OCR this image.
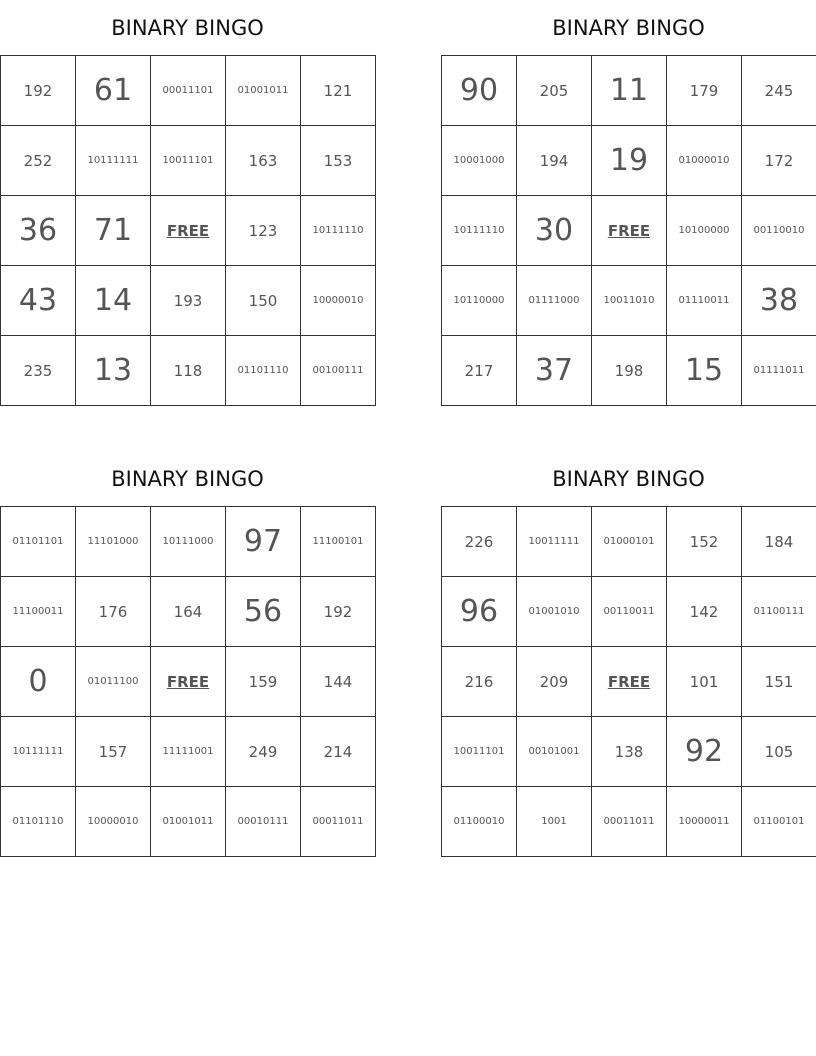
BINARY BINGO
192	61	00011101	01001011	121
252	10111111	10011101	163	153
36	71	FREE	123	10111110
43	14	193	150	10000010
235	13	118	01101110	00100111
BINARY BINGO
90	205	11	179	245
10001000	194	19	01000010	172
10111110	30	FREE	10100000	00110010
10110000	01111000	10011010	01110011	38
217	37	198	15	01111011
BINARY BINGO
01101101	11101000	10111000	97	11100101
11100011	176	164	56	192
0	01011100	FREE	159	144
10111111	157	11111001	249	214
01101110	10000010	01001011	00010111	00011011
BINARY BINGO
226	10011111	01000101	152	184
96	01001010	00110011	142	01100111
216	209	FREE	101	151
10011101	00101001	138	92	105
01100010	1001	00011011	10000011	01100101
